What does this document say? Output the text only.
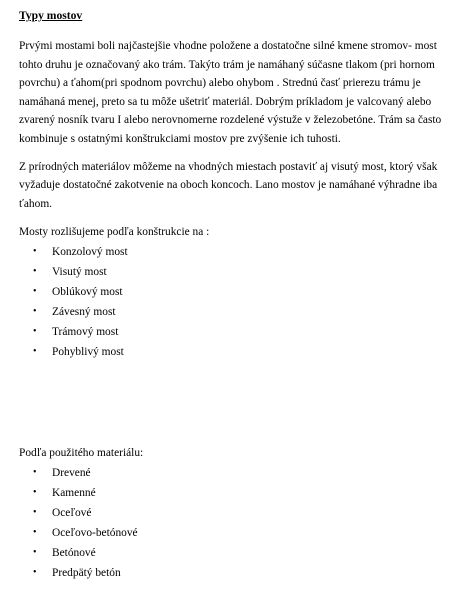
Typy mostov

Prvými mostami boli najčastejšie vhodne položene a dostatočne silné kmene stromov- most tohto druhu je označovaný ako trám. Takýto trám je namáhaný súčasne tlakom (pri hornom povrchu) a ťahom(pri spodnom povrchu) alebo ohybom . Strednú časť prierezu trámu je namáhaná menej, preto sa tu môže ušetriť materiál. Dobrým príkladom je valcovaný alebo zvarený nosník tvaru I alebo nerovnomerne rozdelené výstuže v železobetóne. Trám sa často kombinuje s ostatnými konštrukciami mostov pre zvýšenie ich tuhosti.

Z prírodných materiálov môžeme na vhodných miestach postaviť aj visutý most, ktorý však vyžaduje dostatočné zakotvenie na oboch koncoch. Lano mostov je namáhané výhradne iba ťahom.

Mosty rozlišujeme podľa konštrukcie na :

• Konzolový most
• Visutý most
• Oblúkový most
• Závesný most
• Trámový most
• Pohyblivý most

Podľa použitého materiálu:

• Drevené
• Kamenné
• Oceľové
• Oceľovo-betónové
• Betónové
• Predpätý betón
